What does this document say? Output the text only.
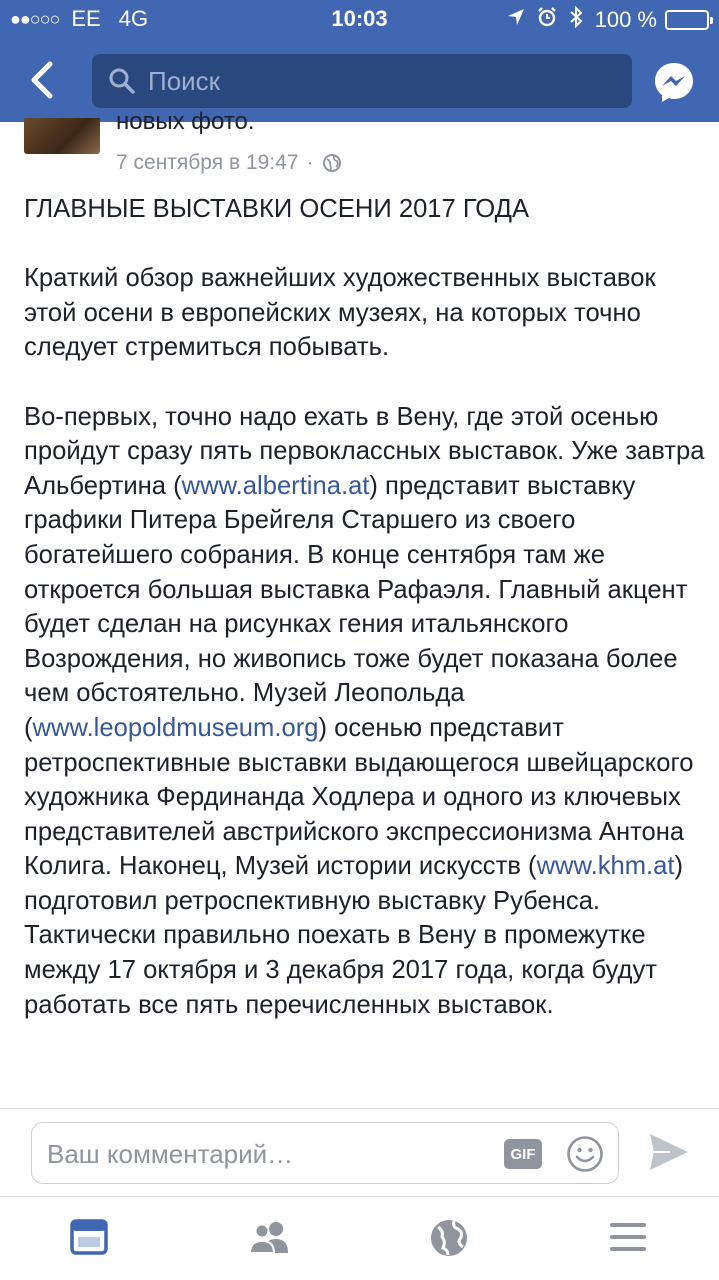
●●○○○ EE 4G	10:03	100 %
Поиск
новых фото.
7 сентября в 19:47 ·

ГЛАВНЫЕ ВЫСТАВКИ ОСЕНИ 2017 ГОДА

Краткий обзор важнейших художественных выставок этой осени в европейских музеях, на которых точно следует стремиться побывать.

Во-первых, точно надо ехать в Вену, где этой осенью пройдут сразу пять первоклассных выставок. Уже завтра Альбертина (www.albertina.at) представит выставку графики Питера Брейгеля Старшего из своего богатейшего собрания. В конце сентября там же откроется большая выставка Рафаэля. Главный акцент будет сделан на рисунках гения итальянского Возрождения, но живопись тоже будет показана более чем обстоятельно. Музей Леопольда (www.leopoldmuseum.org) осенью представит ретроспективные выставки выдающегося швейцарского художника Фердинанда Ходлера и одного из ключевых представителей австрийского экспрессионизма Антона Колига. Наконец, Музей истории искусств (www.khm.at) подготовил ретроспективную выставку Рубенса. Тактически правильно поехать в Вену в промежутке между 17 октября и 3 декабря 2017 года, когда будут работать все пять перечисленных выставок.

Ваш комментарий…	GIF
